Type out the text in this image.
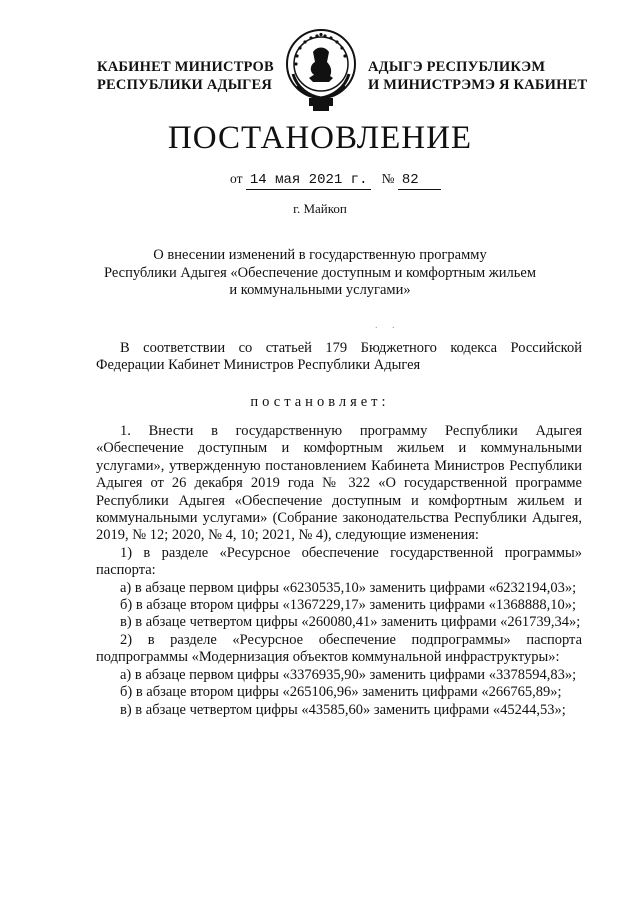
КАБИНЕТ МИНИСТРОВ
РЕСПУБЛИКИ АДЫГЕЯ
АДЫГЭ РЕСПУБЛИКЭМ
И МИНИСТРЭМЭ Я КАБИНЕТ
ПОСТАНОВЛЕНИЕ
от 14 мая 2021 г. № 82
г. Майкоп
О внесении изменений в государственную программу
Республики Адыгея «Обеспечение доступным и комфортным жильем
и коммунальными услугами»
. .
В соответствии со статьей 179 Бюджетного кодекса Российской Федерации Кабинет Министров Республики Адыгея
постановляет:

1. Внести в государственную программу Республики Адыгея «Обеспечение доступным и комфортным жильем и коммунальными услугами», утвержденную постановлением Кабинета Министров Республики Адыгея от 26 декабря 2019 года № 322 «О государственной программе Республики Адыгея «Обеспечение доступным и комфортным жильем и коммунальными услугами» (Собрание законодательства Республики Адыгея, 2019, № 12; 2020, № 4, 10; 2021, № 4), следующие изменения:

1) в разделе «Ресурсное обеспечение государственной программы» паспорта:

а) в абзаце первом цифры «6230535,10» заменить цифрами «6232194,03»;

б) в абзаце втором цифры «1367229,17» заменить цифрами «1368888,10»;

в) в абзаце четвертом цифры «260080,41» заменить цифрами «261739,34»;

2) в разделе «Ресурсное обеспечение подпрограммы» паспорта подпрограммы «Модернизация объектов коммунальной инфраструктуры»:

а) в абзаце первом цифры «3376935,90» заменить цифрами «3378594,83»;

б) в абзаце втором цифры «265106,96» заменить цифрами «266765,89»;

в) в абзаце четвертом цифры «43585,60» заменить цифрами «45244,53»;
